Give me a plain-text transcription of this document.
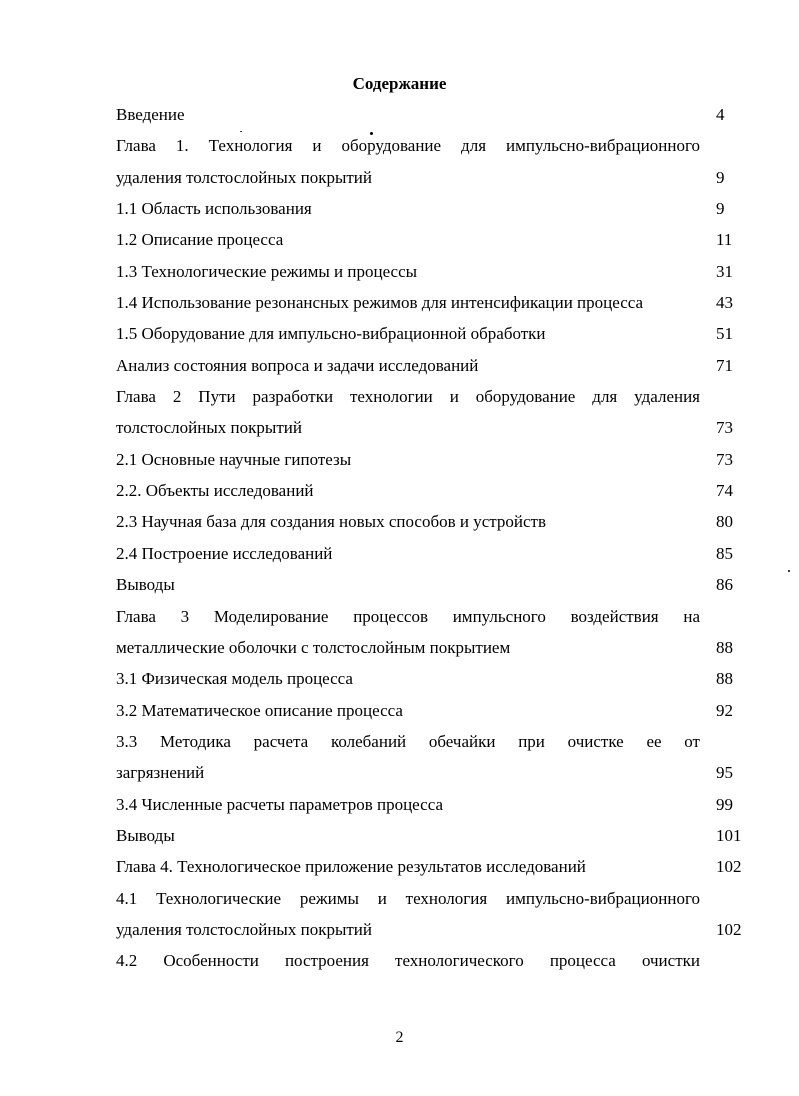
Содержание
Введение	4
Глава 1. Технология и оборудование для импульсно-вибрационного
удаления толстослойных покрытий	9
1.1 Область использования	9
1.2 Описание процесса	11
1.3 Технологические режимы и процессы	31
1.4 Использование резонансных режимов для интенсификации процесса	43
1.5 Оборудование для импульсно-вибрационной обработки	51
Анализ состояния вопроса и задачи исследований	71
Глава 2 Пути разработки технологии и оборудование для удаления
толстослойных покрытий	73
2.1 Основные научные гипотезы	73
2.2. Объекты исследований	74
2.3 Научная база для создания новых способов и устройств	80
2.4 Построение исследований	85
Выводы	86
Глава 3 Моделирование процессов импульсного воздействия на
металлические оболочки с толстослойным покрытием	88
3.1 Физическая модель процесса	88
3.2 Математическое описание процесса	92
3.3 Методика расчета колебаний обечайки при очистке ее от
загрязнений	95
3.4 Численные расчеты параметров процесса	99
Выводы	101
Глава 4. Технологическое приложение результатов исследований	102
4.1 Технологические режимы и технология импульсно-вибрационного
удаления толстослойных покрытий	102
4.2 Особенности построения технологического процесса очистки
2
